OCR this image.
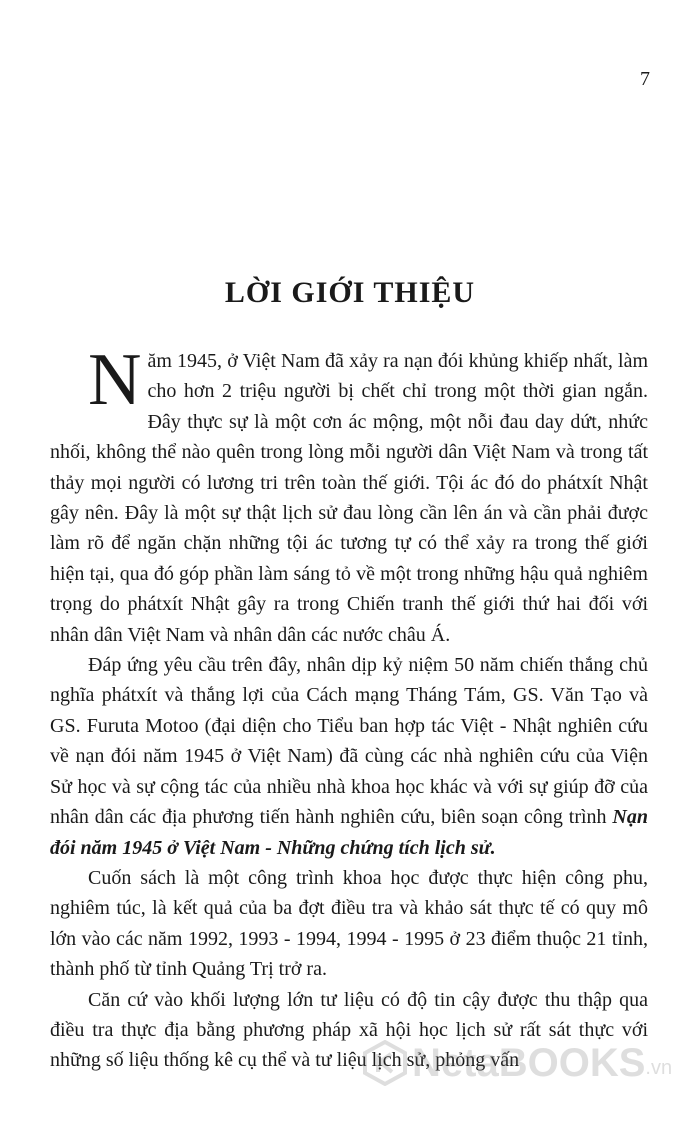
7
LỜI GIỚI THIỆU

N ăm 1945, ở Việt Nam đã xảy ra nạn đói khủng khiếp nhất, làm cho hơn 2 triệu người bị chết chỉ trong một thời gian ngắn. Đây thực sự là một cơn ác mộng, một nỗi đau day dứt, nhức nhối, không thể nào quên trong lòng mỗi người dân Việt Nam và trong tất thảy mọi người có lương tri trên toàn thế giới. Tội ác đó do phátxít Nhật gây nên. Đây là một sự thật lịch sử đau lòng cần lên án và cần phải được làm rõ để ngăn chặn những tội ác tương tự có thể xảy ra trong thế giới hiện tại, qua đó góp phần làm sáng tỏ về một trong những hậu quả nghiêm trọng do phátxít Nhật gây ra trong Chiến tranh thế giới thứ hai đối với nhân dân Việt Nam và nhân dân các nước châu Á.

Đáp ứng yêu cầu trên đây, nhân dịp kỷ niệm 50 năm chiến thắng chủ nghĩa phátxít và thắng lợi của Cách mạng Tháng Tám, GS. Văn Tạo và GS. Furuta Motoo (đại diện cho Tiểu ban hợp tác Việt - Nhật nghiên cứu về nạn đói năm 1945 ở Việt Nam) đã cùng các nhà nghiên cứu của Viện Sử học và sự cộng tác của nhiều nhà khoa học khác và với sự giúp đỡ của nhân dân các địa phương tiến hành nghiên cứu, biên soạn công trình Nạn đói năm 1945 ở Việt Nam - Những chứng tích lịch sử.

Cuốn sách là một công trình khoa học được thực hiện công phu, nghiêm túc, là kết quả của ba đợt điều tra và khảo sát thực tế có quy mô lớn vào các năm 1992, 1993 - 1994, 1994 - 1995 ở 23 điểm thuộc 21 tỉnh, thành phố từ tỉnh Quảng Trị trở ra.

Căn cứ vào khối lượng lớn tư liệu có độ tin cậy được thu thập qua điều tra thực địa bằng phương pháp xã hội học lịch sử rất sát thực với những số liệu thống kê cụ thể và tư liệu lịch sử, phỏng vấn

NetaBOOKS .vn
